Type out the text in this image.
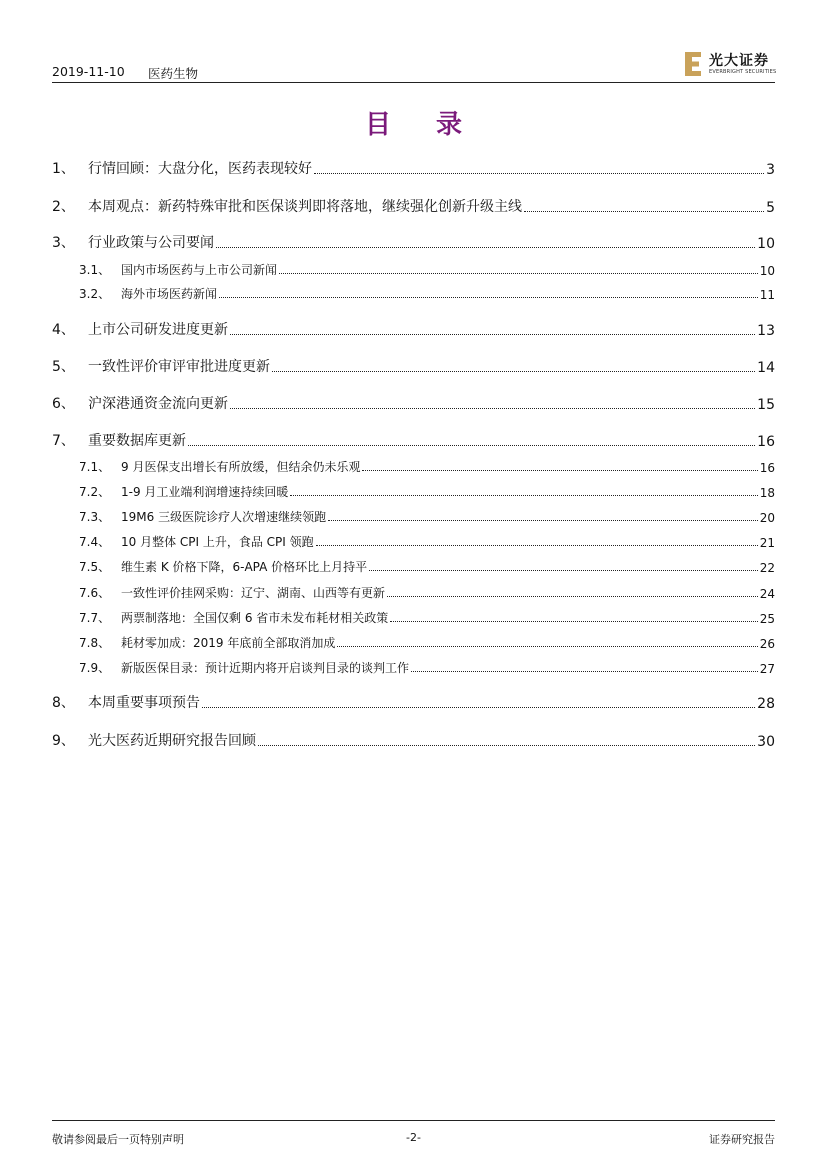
2019-11-10 医药生物
光大证券
EVERBRIGHT SECURITIES
目 录
1、 行情回顾：大盘分化，医药表现较好	3
2、 本周观点：新药特殊审批和医保谈判即将落地，继续强化创新升级主线	5
3、 行业政策与公司要闻	10
3.1、 国内市场医药与上市公司新闻	10
3.2、 海外市场医药新闻	11
4、 上市公司研发进度更新	13
5、 一致性评价审评审批进度更新	14
6、 沪深港通资金流向更新	15
7、 重要数据库更新	16
7.1、 9 月医保支出增长有所放缓，但结余仍未乐观	16
7.2、 1-9 月工业端利润增速持续回暖	18
7.3、 19M6 三级医院诊疗人次增速继续领跑	20
7.4、 10 月整体 CPI 上升，食品 CPI 领跑	21
7.5、 维生素 K 价格下降，6-APA 价格环比上月持平	22
7.6、 一致性评价挂网采购：辽宁、湖南、山西等有更新	24
7.7、 两票制落地：全国仅剩 6 省市未发布耗材相关政策	25
7.8、 耗材零加成：2019 年底前全部取消加成	26
7.9、 新版医保目录：预计近期内将开启谈判目录的谈判工作	27
8、 本周重要事项预告	28
9、 光大医药近期研究报告回顾	30
敬请参阅最后一页特别声明	-2-	证券研究报告
